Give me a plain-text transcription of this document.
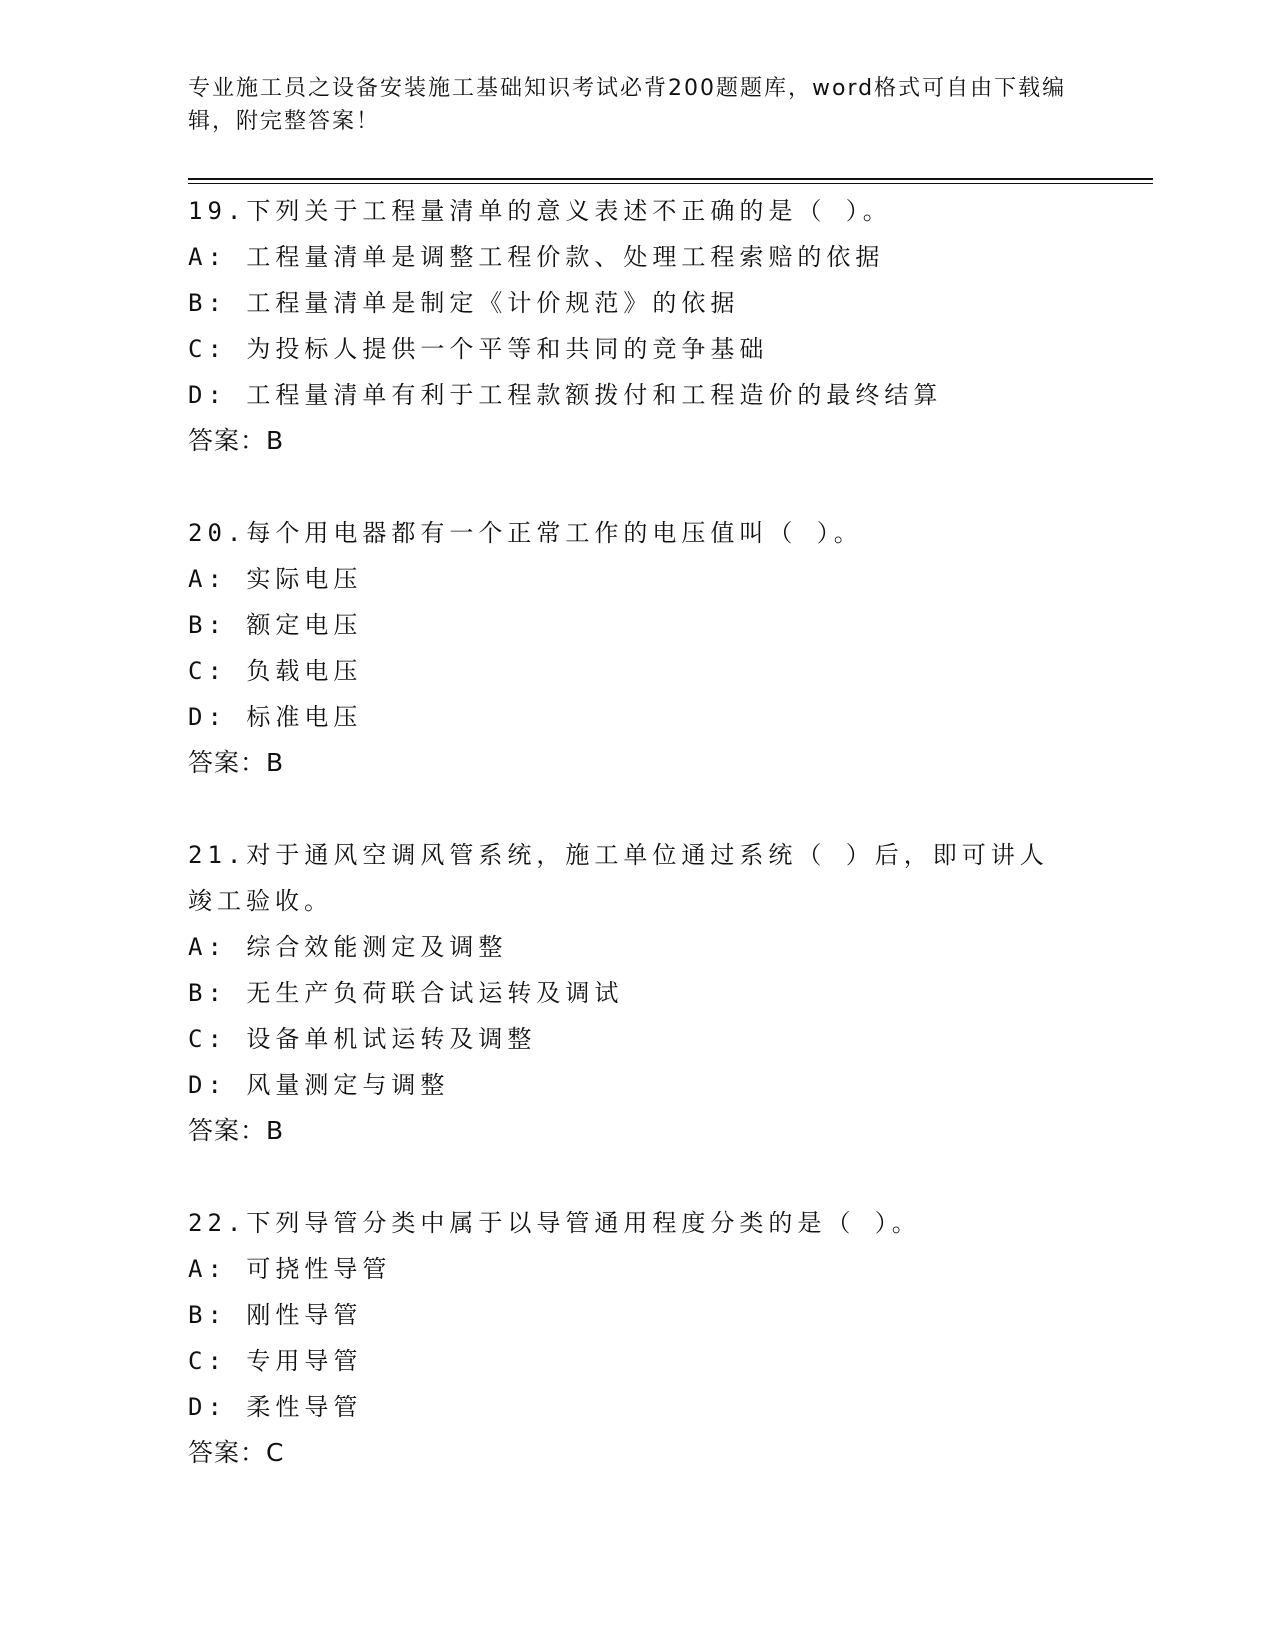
专业施工员之设备安装施工基础知识考试必背200题题库，word格式可自由下载编辑，附完整答案！
19.下列关于工程量清单的意义表述不正确的是（ ）。
A: 工程量清单是调整工程价款、处理工程索赔的依据
B: 工程量清单是制定《计价规范》的依据
C: 为投标人提供一个平等和共同的竞争基础
D: 工程量清单有利于工程款额拨付和工程造价的最终结算
答案：B
20.每个用电器都有一个正常工作的电压值叫（ ）。
A: 实际电压
B: 额定电压
C: 负载电压
D: 标准电压
答案：B
21.对于通风空调风管系统，施工单位通过系统（ ）后，即可讲人竣工验收。
A: 综合效能测定及调整
B: 无生产负荷联合试运转及调试
C: 设备单机试运转及调整
D: 风量测定与调整
答案：B
22.下列导管分类中属于以导管通用程度分类的是（ ）。
A: 可挠性导管
B: 刚性导管
C: 专用导管
D: 柔性导管
答案：C
